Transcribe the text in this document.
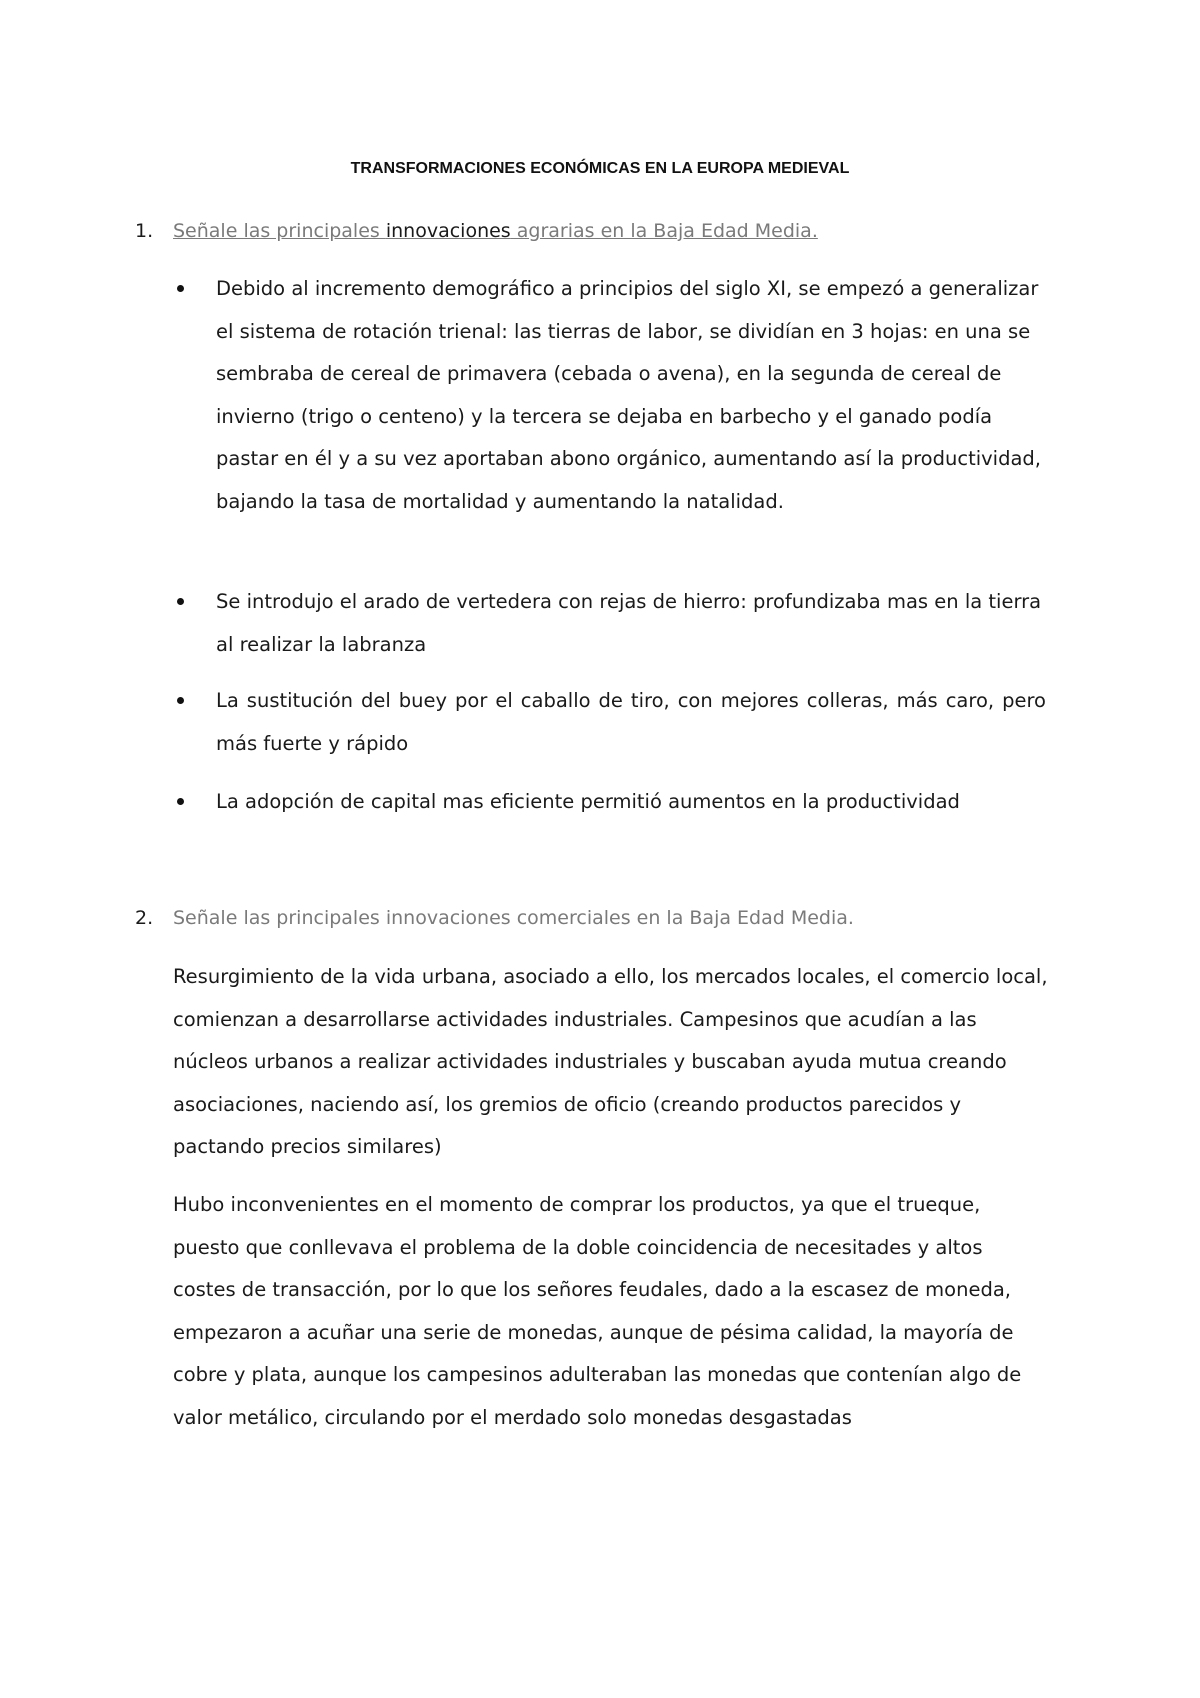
TRANSFORMACIONES ECONÓMICAS EN LA EUROPA MEDIEVAL
1. Señale las principales innovaciones agrarias en la Baja Edad Media.

Debido al incremento demográfico a principios del siglo XI, se empezó a generalizar el sistema de rotación trienal: las tierras de labor, se dividían en 3 hojas: en una se sembraba de cereal de primavera (cebada o avena), en la segunda de cereal de invierno (trigo o centeno) y la tercera se dejaba en barbecho y el ganado podía pastar en él y a su vez aportaban abono orgánico, aumentando así la productividad, bajando la tasa de mortalidad y aumentando la natalidad.

Se introdujo el arado de vertedera con rejas de hierro: profundizaba mas en la tierra al realizar la labranza

La sustitución del buey por el caballo de tiro, con mejores colleras, más caro, pero más fuerte y rápido

La adopción de capital mas eficiente permitió aumentos en la productividad

2. Señale las principales innovaciones comerciales en la Baja Edad Media.

Resurgimiento de la vida urbana, asociado a ello, los mercados locales, el comercio local, comienzan a desarrollarse actividades industriales. Campesinos que acudían a las núcleos urbanos a realizar actividades industriales y buscaban ayuda mutua creando asociaciones, naciendo así, los gremios de oficio (creando productos parecidos y pactando precios similares)

Hubo inconvenientes en el momento de comprar los productos, ya que el trueque, puesto que conllevava el problema de la doble coincidencia de necesitades y altos costes de transacción, por lo que los señores feudales, dado a la escasez de moneda, empezaron a acuñar una serie de monedas, aunque de pésima calidad, la mayoría de cobre y plata, aunque los campesinos adulteraban las monedas que contenían algo de valor metálico, circulando por el merdado solo monedas desgastadas
